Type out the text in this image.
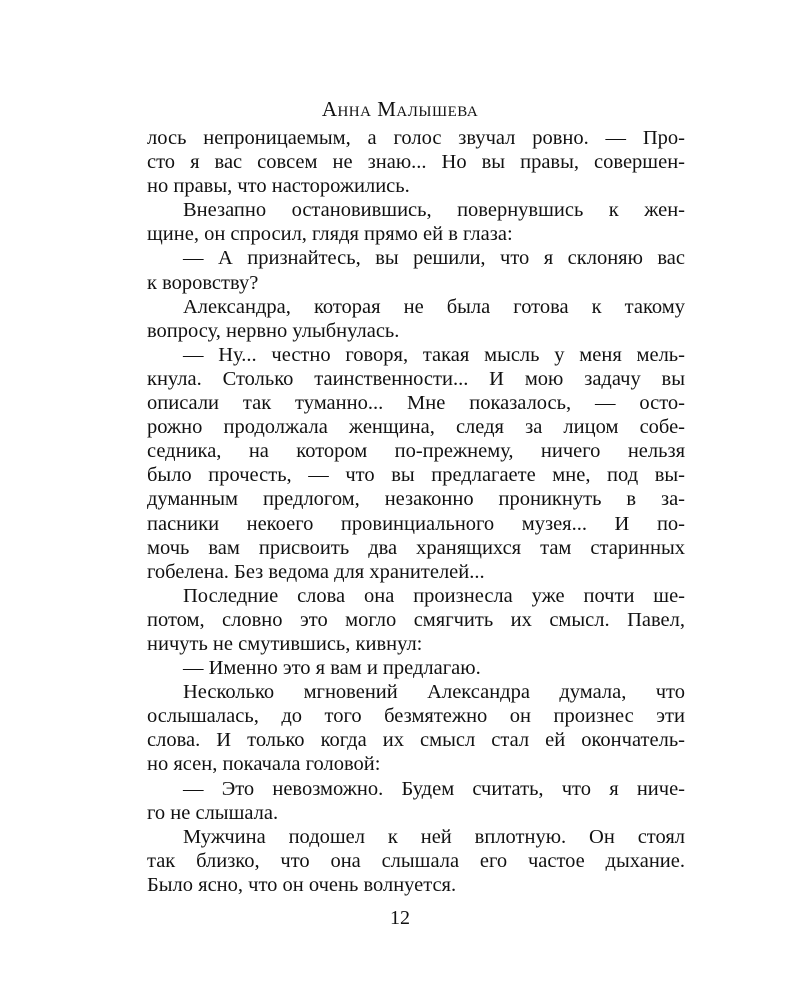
Анна Малышева
лось непроницаемым, а голос звучал ровно. — Про-
сто я вас совсем не знаю... Но вы правы, совершен-
но правы, что насторожились.
Внезапно остановившись, повернувшись к жен-
щине, он спросил, глядя прямо ей в глаза:
— А признайтесь, вы решили, что я склоняю вас
к воровству?
Александра, которая не была готова к такому
вопросу, нервно улыбнулась.
— Ну... честно говоря, такая мысль у меня мель-
кнула. Столько таинственности... И мою задачу вы
описали так туманно... Мне показалось, — осто-
рожно продолжала женщина, следя за лицом собе-
седника, на котором по-прежнему, ничего нельзя
было прочесть, — что вы предлагаете мне, под вы-
думанным предлогом, незаконно проникнуть в за-
пасники некоего провинциального музея... И по-
мочь вам присвоить два хранящихся там старинных
гобелена. Без ведома для хранителей...
Последние слова она произнесла уже почти ше-
потом, словно это могло смягчить их смысл. Павел,
ничуть не смутившись, кивнул:
— Именно это я вам и предлагаю.
Несколько мгновений Александра думала, что
ослышалась, до того безмятежно он произнес эти
слова. И только когда их смысл стал ей окончатель-
но ясен, покачала головой:
— Это невозможно. Будем считать, что я ниче-
го не слышала.
Мужчина подошел к ней вплотную. Он стоял
так близко, что она слышала его частое дыхание.
Было ясно, что он очень волнуется.
12
